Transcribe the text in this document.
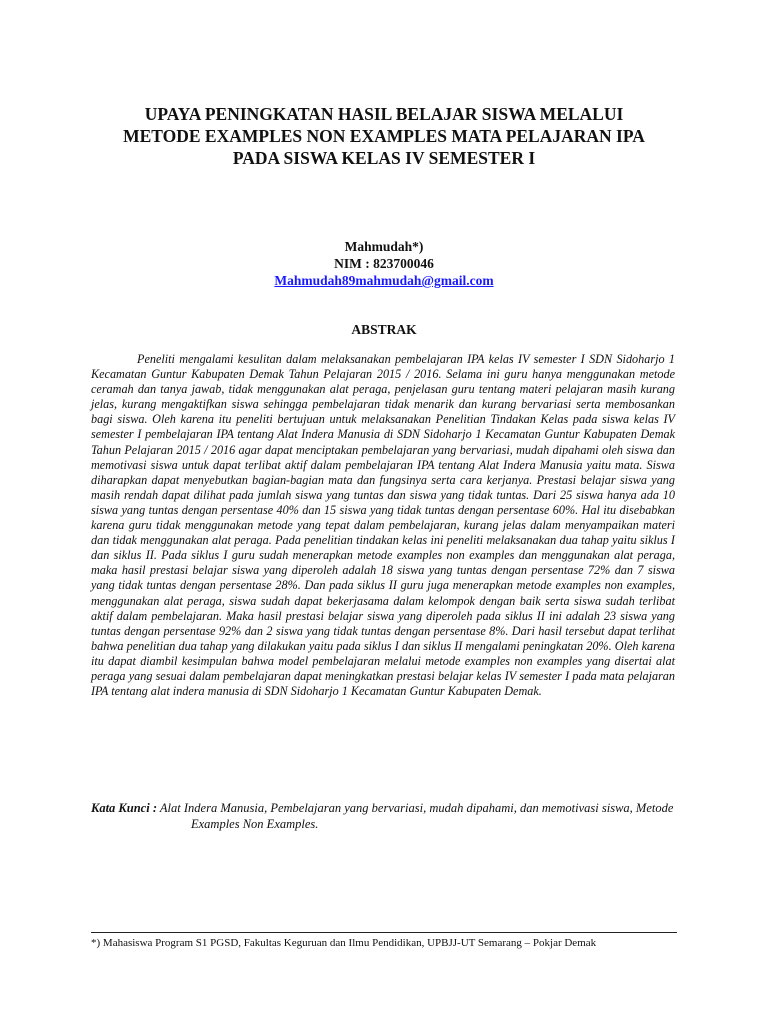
UPAYA PENINGKATAN HASIL BELAJAR SISWA MELALUI
METODE EXAMPLES NON EXAMPLES MATA PELAJARAN IPA
PADA SISWA KELAS IV SEMESTER I
Mahmudah*)
NIM : 823700046
Mahmudah89mahmudah@gmail.com
ABSTRAK
Peneliti mengalami kesulitan dalam melaksanakan pembelajaran IPA kelas IV semester I SDN Sidoharjo 1 Kecamatan Guntur Kabupaten Demak Tahun Pelajaran 2015 / 2016. Selama ini guru hanya menggunakan metode ceramah dan tanya jawab, tidak menggunakan alat peraga, penjelasan guru tentang materi pelajaran masih kurang jelas, kurang mengaktifkan siswa sehingga pembelajaran tidak menarik dan kurang bervariasi serta membosankan bagi siswa. Oleh karena itu peneliti bertujuan untuk melaksanakan Penelitian Tindakan Kelas pada siswa kelas IV semester I pembelajaran IPA tentang Alat Indera Manusia di SDN Sidoharjo 1 Kecamatan Guntur Kabupaten Demak Tahun Pelajaran 2015 / 2016 agar dapat menciptakan pembelajaran yang bervariasi, mudah dipahami oleh siswa dan memotivasi siswa untuk dapat terlibat aktif dalam pembelajaran IPA tentang Alat Indera Manusia yaitu mata. Siswa diharapkan dapat menyebutkan bagian-bagian mata dan fungsinya serta cara kerjanya. Prestasi belajar siswa yang masih rendah dapat dilihat pada jumlah siswa yang tuntas dan siswa yang tidak tuntas. Dari 25 siswa hanya ada 10 siswa yang tuntas dengan persentase 40% dan 15 siswa yang tidak tuntas dengan persentase 60%. Hal itu disebabkan karena guru tidak menggunakan metode yang tepat dalam pembelajaran, kurang jelas dalam menyampaikan materi dan tidak menggunakan alat peraga. Pada penelitian tindakan kelas ini peneliti melaksanakan dua tahap yaitu siklus I dan siklus II. Pada siklus I guru sudah menerapkan metode examples non examples dan menggunakan alat peraga, maka hasil prestasi belajar siswa yang diperoleh adalah 18 siswa yang tuntas dengan persentase 72% dan 7 siswa yang tidak tuntas dengan persentase 28%. Dan pada siklus II guru juga menerapkan metode examples non examples, menggunakan alat peraga, siswa sudah dapat bekerjasama dalam kelompok dengan baik serta siswa sudah terlibat aktif dalam pembelajaran. Maka hasil prestasi belajar siswa yang diperoleh pada siklus II ini adalah 23 siswa yang tuntas dengan persentase 92% dan 2 siswa yang tidak tuntas dengan persentase 8%. Dari hasil tersebut dapat terlihat bahwa penelitian dua tahap yang dilakukan yaitu pada siklus I dan siklus II mengalami peningkatan 20%. Oleh karena itu dapat diambil kesimpulan bahwa model pembelajaran melalui metode examples non examples yang disertai alat peraga yang sesuai dalam pembelajaran dapat meningkatkan prestasi belajar kelas IV semester I pada mata pelajaran IPA tentang alat indera manusia di SDN Sidoharjo 1 Kecamatan Guntur Kabupaten Demak.
Kata Kunci : Alat Indera Manusia, Pembelajaran yang bervariasi, mudah dipahami, dan memotivasi siswa, Metode Examples Non Examples.
*) Mahasiswa Program S1 PGSD, Fakultas Keguruan dan Ilmu Pendidikan, UPBJJ-UT Semarang – Pokjar Demak
